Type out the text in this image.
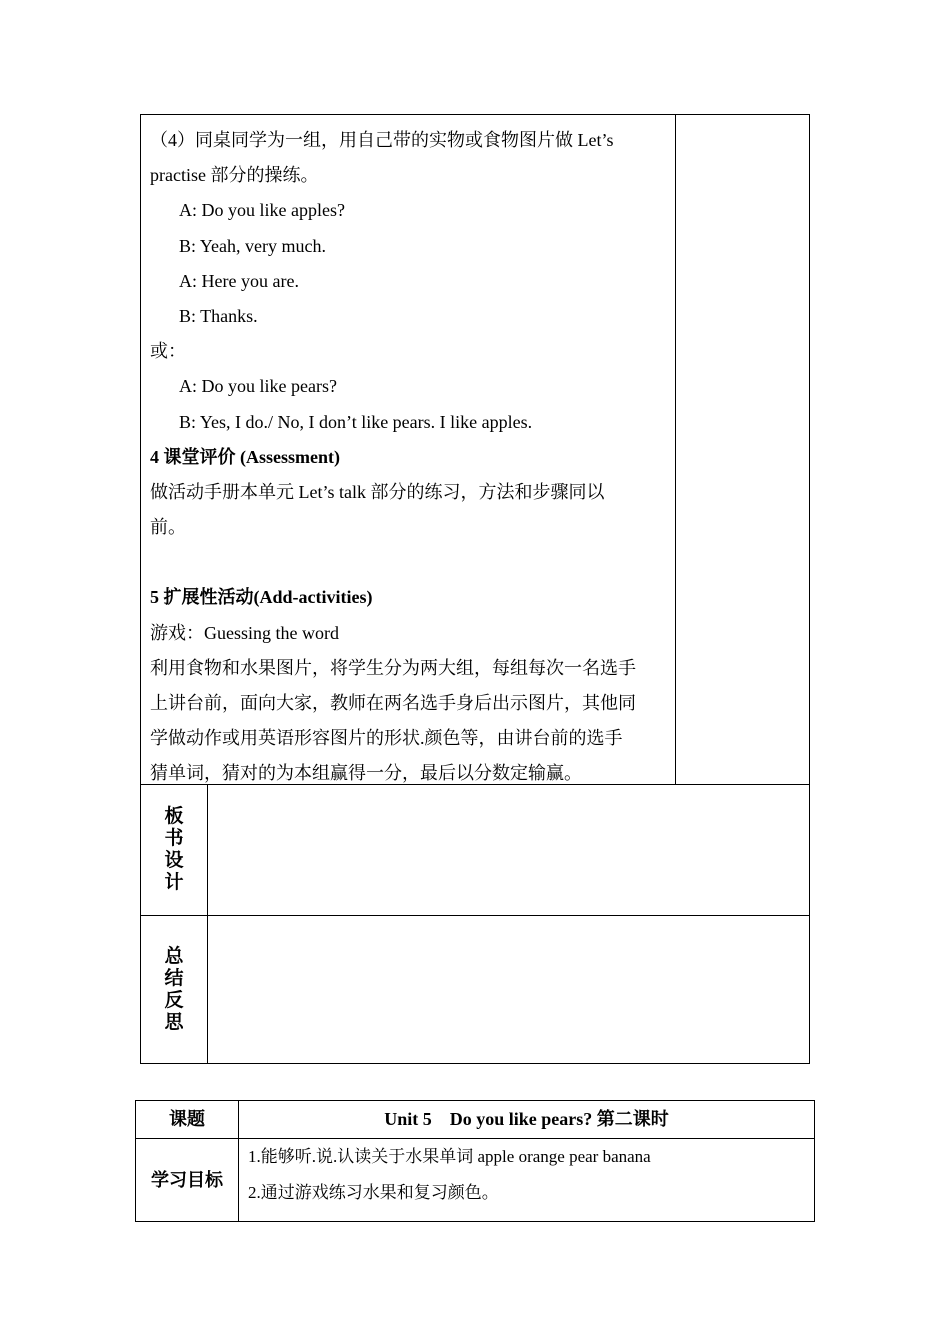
（4）同桌同学为一组，用自己带的实物或食物图片做 Let’s
practise 部分的操练。
A: Do you like apples?
B: Yeah, very much.
A: Here you are.
B: Thanks.
或：
A: Do you like pears?
B: Yes, I do./ No, I don’t like pears. I like apples.
4 课堂评价 (Assessment)
做活动手册本单元 Let’s talk 部分的练习，方法和步骤同以
前。
5 扩展性活动(Add-activities)
游戏：Guessing the word
利用食物和水果图片，将学生分为两大组，每组每次一名选手
上讲台前，面向大家，教师在两名选手身后出示图片，其他同
学做动作或用英语形容图片的形状.颜色等，由讲台前的选手
猜单词，猜对的为本组赢得一分，最后以分数定输赢。
板
书
设
计
总
结
反
思
课题	Unit 5　Do you like pears? 第二课时
学习目标
1.能够听.说.认读关于水果单词 apple orange pear banana
2.通过游戏练习水果和复习颜色。
